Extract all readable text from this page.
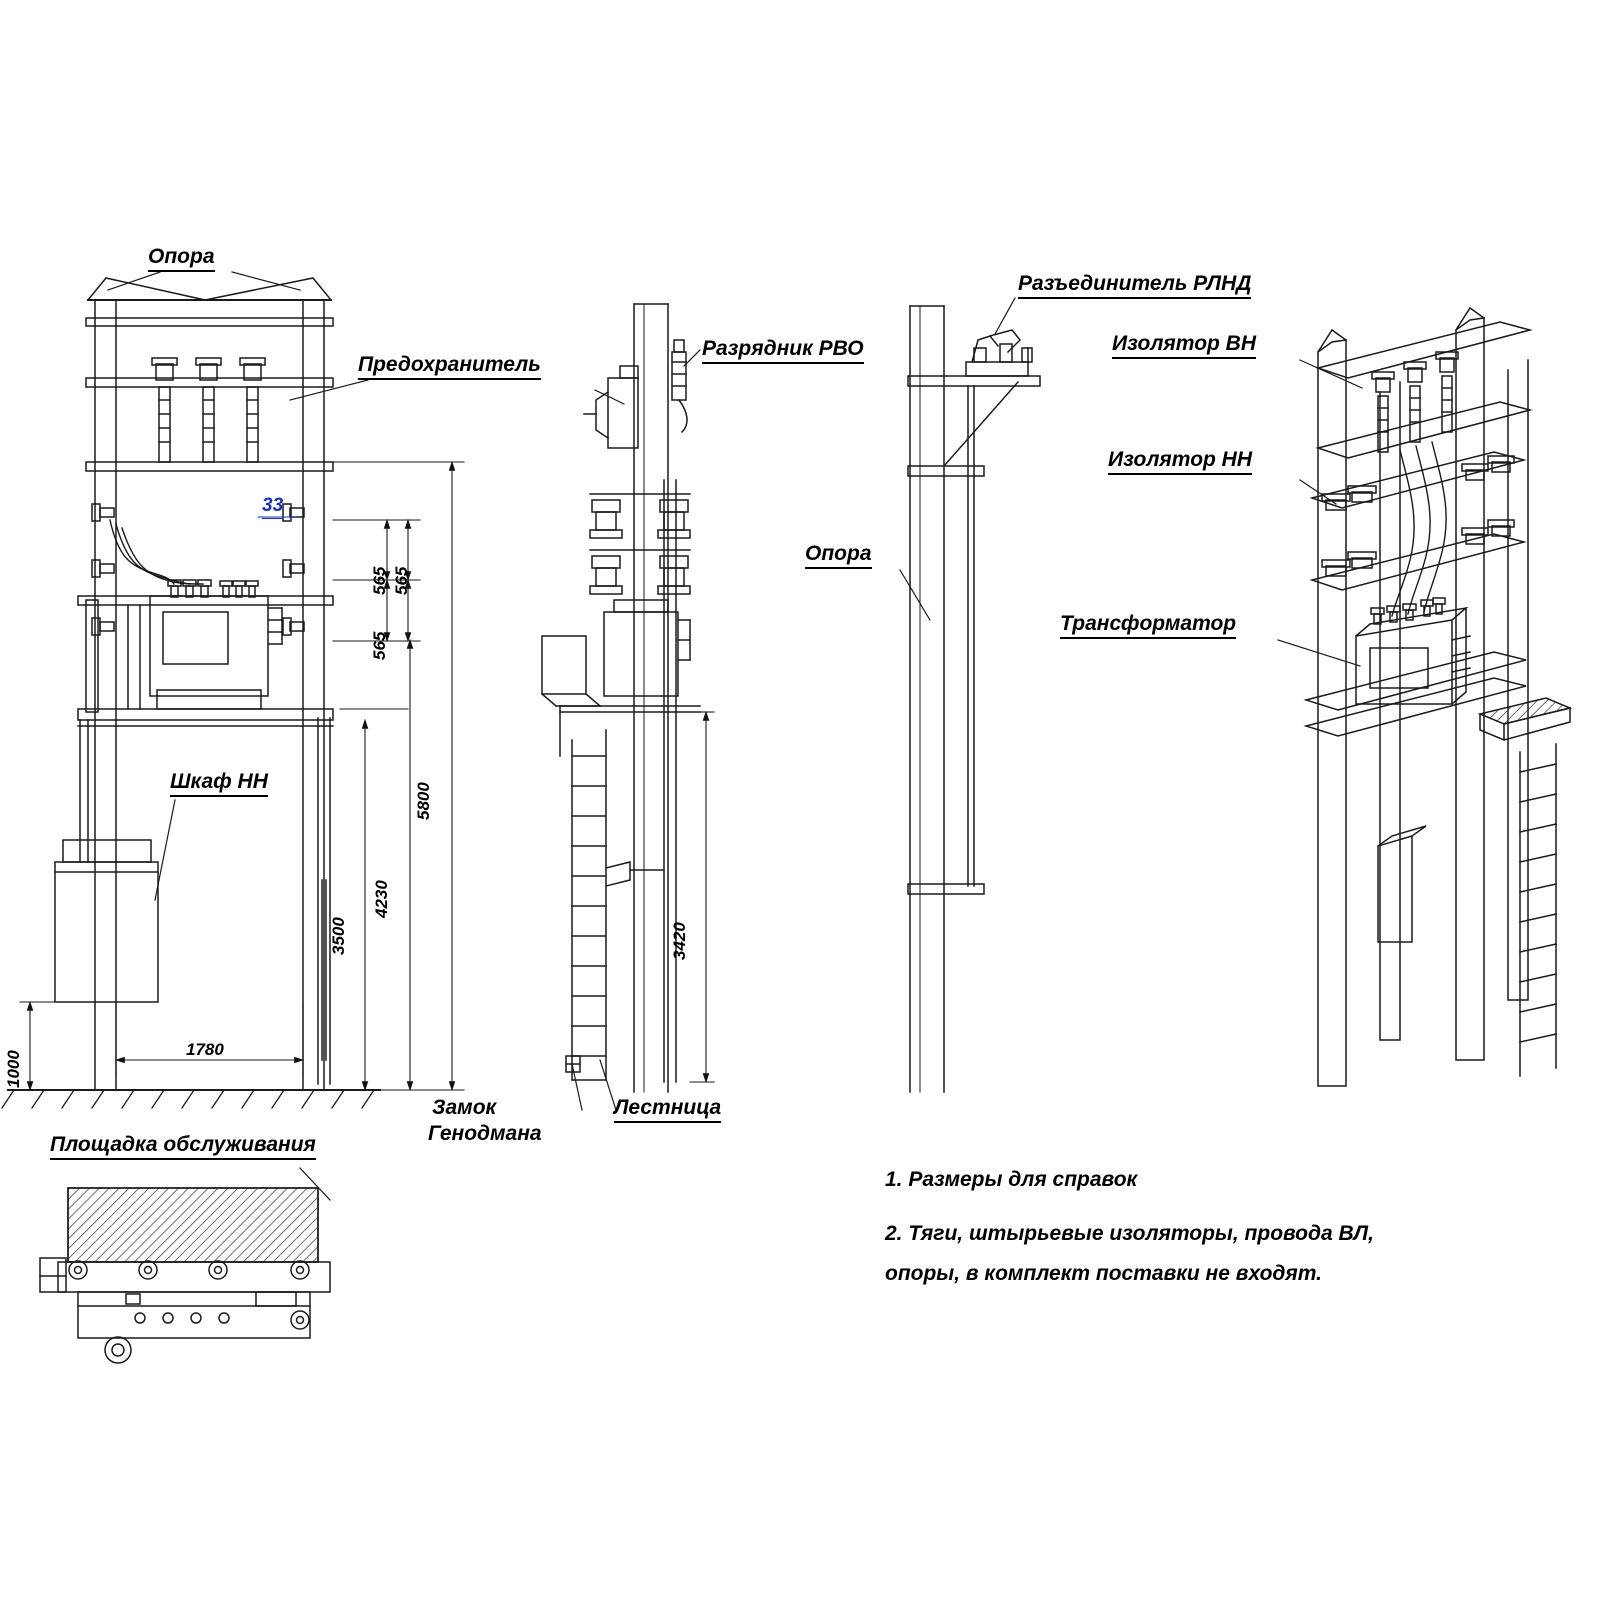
Опора
Предохранитель
Разрядник РВО
Разъединитель РЛНД
Изолятор ВН
Изолятор НН
Опора
Трансформатор
Шкаф НН
Замок
Генодмана
Лестница
Площадка обслуживания
5800
4230
3500
565
565
565
1780
1000
3420
33
1. Размеры для справок
2. Тяги, штырьевые изоляторы, провода ВЛ,
опоры, в комплект поставки не входят.
